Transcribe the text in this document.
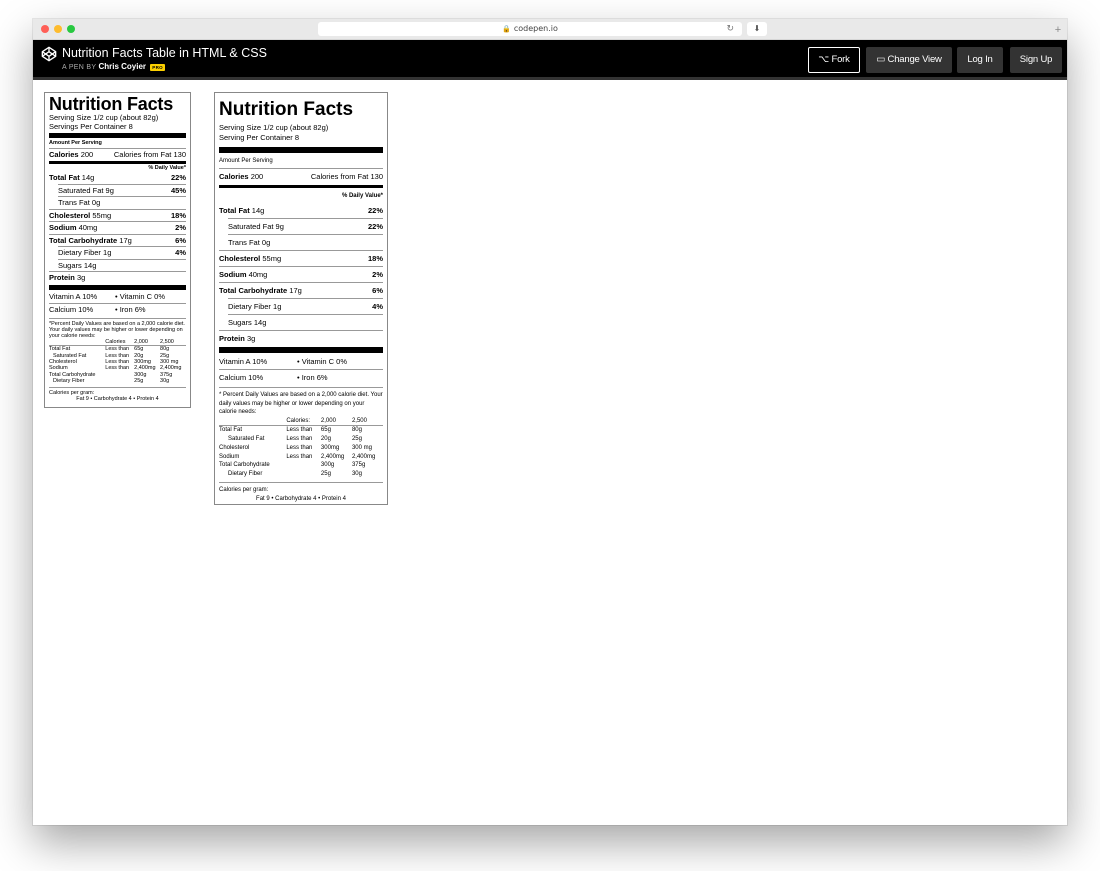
🔒 codepen.io	↻	⬇	+
Nutrition Facts Table in HTML & CSS
A PEN BY Chris Coyier PRO
⌥ Fork	▭ Change View	Log In	Sign Up
Nutrition Facts
Serving Size 1/2 cup (about 82g)
Servings Per Container 8
Amount Per Serving
Calories 200	Calories from Fat 130
% Daily Value*
Total Fat 14g	22%
Saturated Fat 9g	45%
Trans Fat 0g
Cholesterol 55mg	18%
Sodium 40mg	2%
Total Carbohydrate 17g	6%
Dietary Fiber 1g	4%
Sugars 14g
Protein 3g
Vitamin A 10%	• Vitamin C 0%
Calcium 10%	• Iron 6%
*Percent Daily Values are based on a 2,000 calorie diet. Your daily values may be higher or lower depending on your calorie needs:
	Calories	2,000	2,500
Total Fat	Less than	65g	80g
Saturated Fat	Less than	20g	25g
Cholesterol	Less than	300mg	300 mg
Sodium	Less than	2,400mg	2,400mg
Total Carbohydrate		300g	375g
Dietary Fiber		25g	30g
Calories per gram:
Fat 9 • Carbohydrate 4 • Protein 4
Nutrition Facts
Serving Size 1/2 cup (about 82g)
Serving Per Container 8
Amount Per Serving
Calories 200	Calories from Fat 130
% Daily Value*
Total Fat 14g	22%
Saturated Fat 9g	22%
Trans Fat 0g
Cholesterol 55mg	18%
Sodium 40mg	2%
Total Carbohydrate 17g	6%
Dietary Fiber 1g	4%
Sugars 14g
Protein 3g
Vitamin A 10%	• Vitamin C 0%
Calcium 10%	• Iron 6%
* Percent Daily Values are based on a 2,000 calorie diet. Your daily values may be higher or lower depending on your calorie needs:
	Calories:	2,000	2,500
Total Fat	Less than	65g	80g
Saturated Fat	Less than	20g	25g
Cholesterol	Less than	300mg	300 mg
Sodium	Less than	2,400mg	2,400mg
Total Carbohydrate		300g	375g
Dietary Fiber		25g	30g
Calories per gram:
Fat 9 • Carbohydrate 4 • Protein 4
